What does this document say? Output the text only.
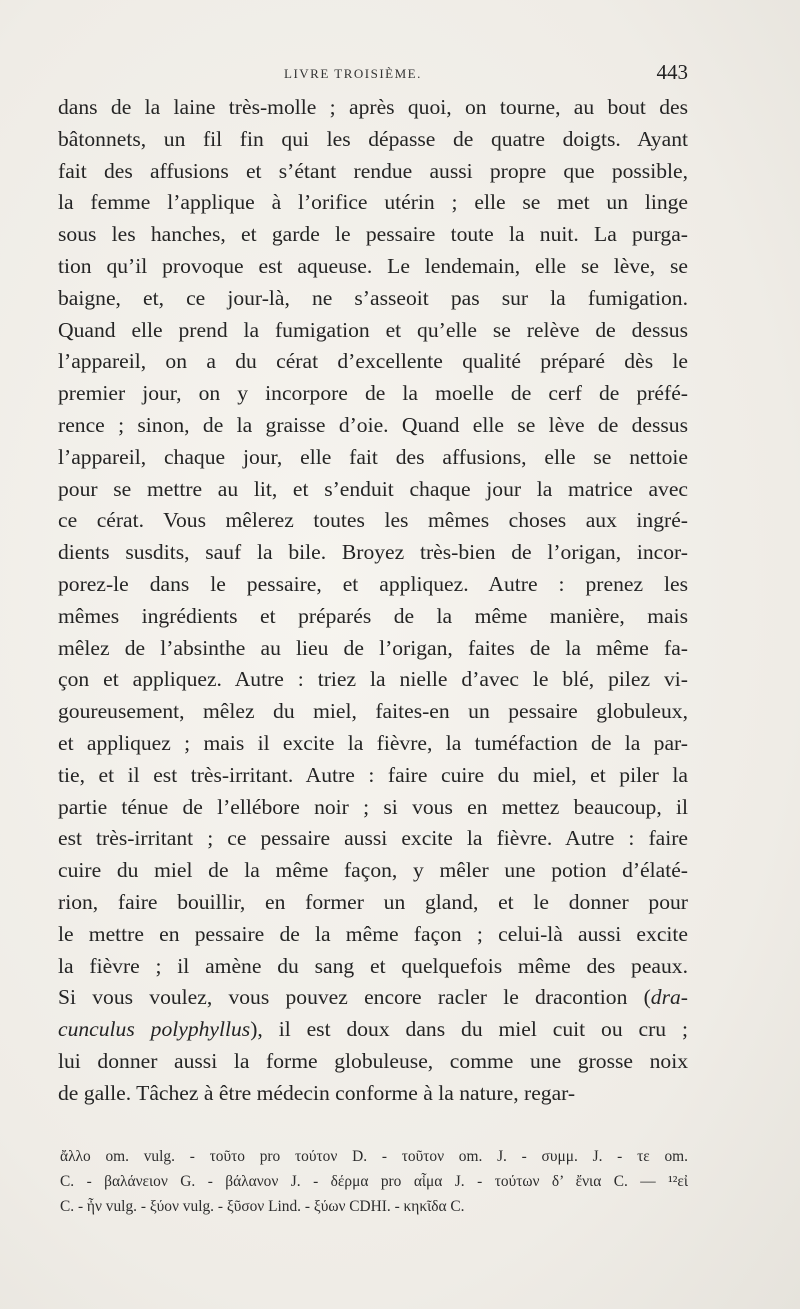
LIVRE TROISIÈME.	443
dans de la laine très-molle ; après quoi, on tourne, au bout des
bâtonnets, un fil fin qui les dépasse de quatre doigts. Ayant
fait des affusions et s’étant rendue aussi propre que possible,
la femme l’applique à l’orifice utérin ; elle se met un linge
sous les hanches, et garde le pessaire toute la nuit. La purga-
tion qu’il provoque est aqueuse. Le lendemain, elle se lève, se
baigne, et, ce jour-là, ne s’asseoit pas sur la fumigation.
Quand elle prend la fumigation et qu’elle se relève de dessus
l’appareil, on a du cérat d’excellente qualité préparé dès le
premier jour, on y incorpore de la moelle de cerf de préfé-
rence ; sinon, de la graisse d’oie. Quand elle se lève de dessus
l’appareil, chaque jour, elle fait des affusions, elle se nettoie
pour se mettre au lit, et s’enduit chaque jour la matrice avec
ce cérat. Vous mêlerez toutes les mêmes choses aux ingré-
dients susdits, sauf la bile. Broyez très-bien de l’origan, incor-
porez-le dans le pessaire, et appliquez. Autre : prenez les
mêmes ingrédients et préparés de la même manière, mais
mêlez de l’absinthe au lieu de l’origan, faites de la même fa-
çon et appliquez. Autre : triez la nielle d’avec le blé, pilez vi-
goureusement, mêlez du miel, faites-en un pessaire globuleux,
et appliquez ; mais il excite la fièvre, la tuméfaction de la par-
tie, et il est très-irritant. Autre : faire cuire du miel, et piler la
partie ténue de l’ellébore noir ; si vous en mettez beaucoup, il
est très-irritant ; ce pessaire aussi excite la fièvre. Autre : faire
cuire du miel de la même façon, y mêler une potion d’élaté-
rion, faire bouillir, en former un gland, et le donner pour
le mettre en pessaire de la même façon ; celui-là aussi excite
la fièvre ; il amène du sang et quelquefois même des peaux.
Si vous voulez, vous pouvez encore racler le dracontion (dra-
cunculus polyphyllus), il est doux dans du miel cuit ou cru ;
lui donner aussi la forme globuleuse, comme une grosse noix
de galle. Tâchez à être médecin conforme à la nature, regar-
ἄλλο om. vulg. - τοῦτο pro τούτον D. - τοῦτον om. J. - συμμ. J. - τε om.
C. - βαλάνειον G. - βάλανον J. - δέρμα pro αἷμα J. - τούτων δ’ ἔνια C. — ¹²εἰ
C. - ἦν vulg. - ξύον vulg. - ξῦσον Lind. - ξύων CDHI. - κηκῖδα C.
